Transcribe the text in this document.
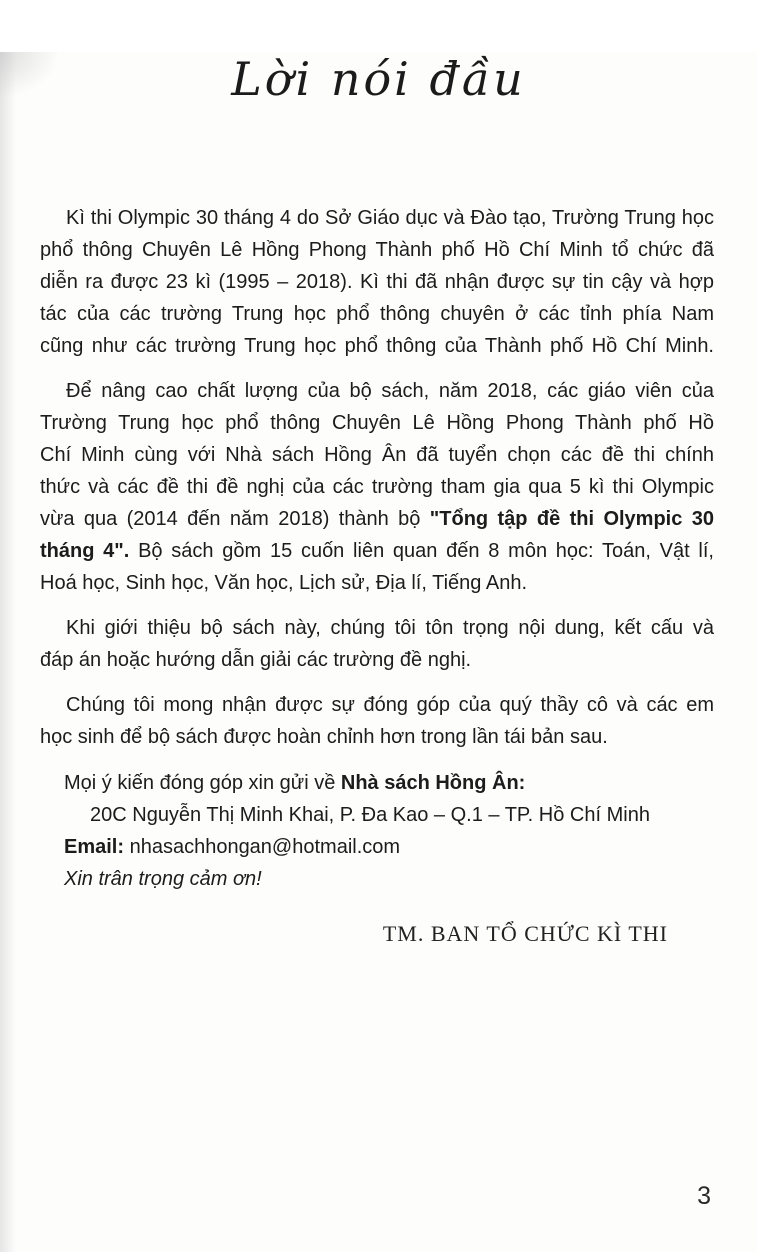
Lời nói đầu
Kì thi Olympic 30 tháng 4 do Sở Giáo dục và Đào tạo, Trường Trung học
phổ thông Chuyên Lê Hồng Phong Thành phố Hồ Chí Minh tổ chức đã
diễn ra được 23 kì (1995 – 2018). Kì thi đã nhận được sự tin cậy và hợp
tác của các trường Trung học phổ thông chuyên ở các tỉnh phía Nam
cũng như các trường Trung học phổ thông của Thành phố Hồ Chí Minh.
Để nâng cao chất lượng của bộ sách, năm 2018, các giáo viên của
Trường Trung học phổ thông Chuyên Lê Hồng Phong Thành phố Hồ
Chí Minh cùng với Nhà sách Hồng Ân đã tuyển chọn các đề thi chính
thức và các đề thi đề nghị của các trường tham gia qua 5 kì thi Olympic
vừa qua (2014 đến năm 2018) thành bộ "Tổng tập đề thi Olympic 30
tháng 4". Bộ sách gồm 15 cuốn liên quan đến 8 môn học: Toán, Vật lí,
Hoá học, Sinh học, Văn học, Lịch sử, Địa lí, Tiếng Anh.
Khi giới thiệu bộ sách này, chúng tôi tôn trọng nội dung, kết cấu và
đáp án hoặc hướng dẫn giải các trường đề nghị.
Chúng tôi mong nhận được sự đóng góp của quý thầy cô và các em
học sinh để bộ sách được hoàn chỉnh hơn trong lần tái bản sau.
Mọi ý kiến đóng góp xin gửi về Nhà sách Hồng Ân:
20C Nguyễn Thị Minh Khai, P. Đa Kao – Q.1 – TP. Hồ Chí Minh
Email: nhasachhongan@hotmail.com
Xin trân trọng cảm ơn!
TM. BAN TỔ CHỨC KÌ THI
3
